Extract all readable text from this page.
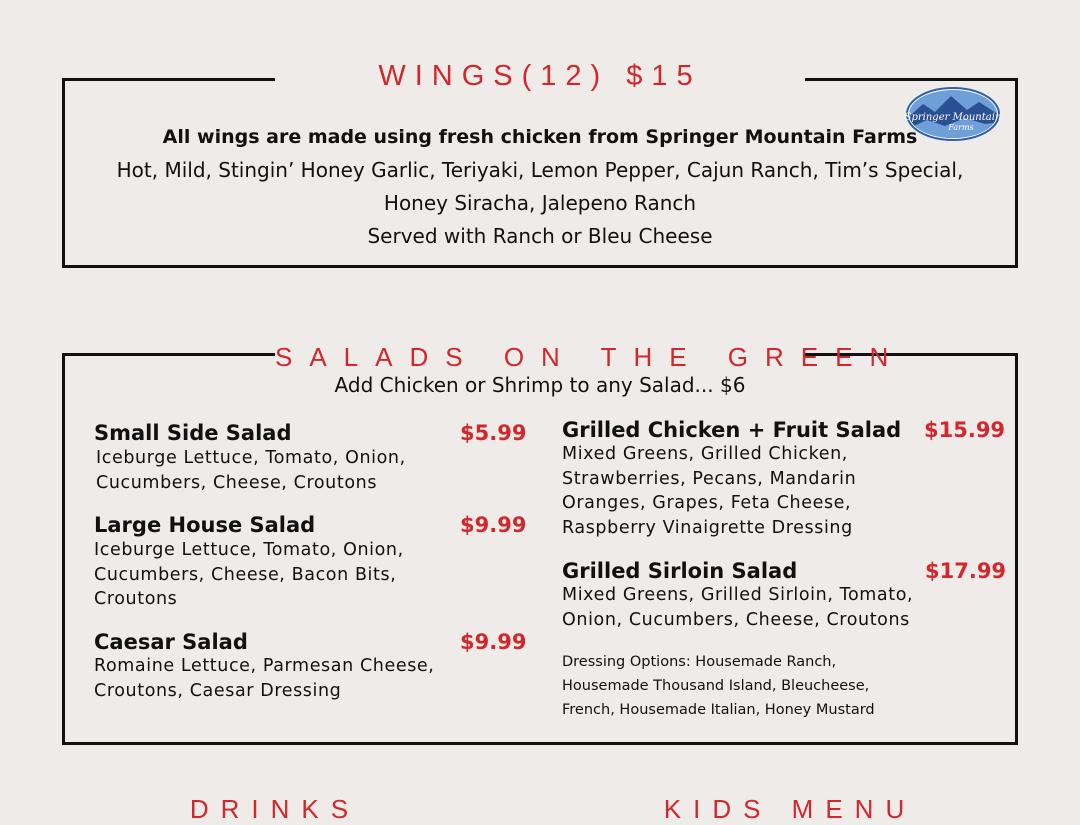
WINGS(12) $15
Springer Mountain
Farms
All wings are made using fresh chicken from Springer Mountain Farms
Hot, Mild, Stingin’ Honey Garlic, Teriyaki, Lemon Pepper, Cajun Ranch, Tim’s Special,
Honey Siracha, Jalepeno Ranch
Served with Ranch or Bleu Cheese
SALADS ON THE GREEN
Add Chicken or Shrimp to any Salad... $6
Small Side Salad	$5.99
Iceburge Lettuce, Tomato, Onion,
Cucumbers, Cheese, Croutons
Large House Salad	$9.99
Iceburge Lettuce, Tomato, Onion,
Cucumbers, Cheese, Bacon Bits,
Croutons
Caesar Salad	$9.99
Romaine Lettuce, Parmesan Cheese,
Croutons, Caesar Dressing
Grilled Chicken + Fruit Salad $15.99
Mixed Greens, Grilled Chicken,
Strawberries, Pecans, Mandarin
Oranges, Grapes, Feta Cheese,
Raspberry Vinaigrette Dressing
Grilled Sirloin Salad	$17.99
Mixed Greens, Grilled Sirloin, Tomato,
Onion, Cucumbers, Cheese, Croutons
Dressing Options: Housemade Ranch,
Housemade Thousand Island, Bleucheese,
French, Housemade Italian, Honey Mustard
DRINKS	KIDS MENU
